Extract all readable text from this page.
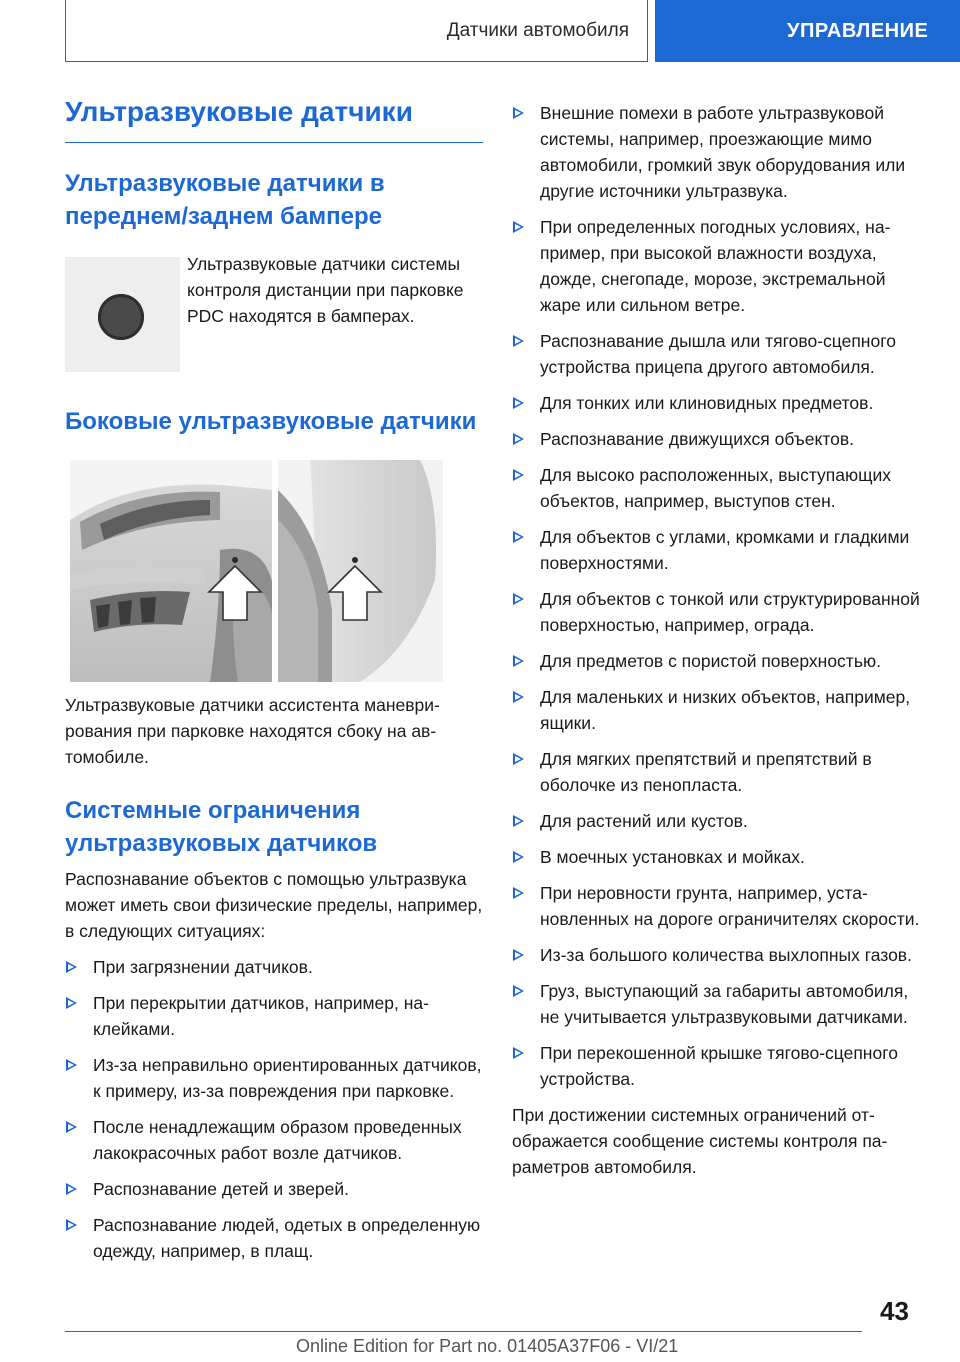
Датчики автомобиля	УПРАВЛЕНИЕ
Ультразвуковые датчики
Ультразвуковые датчики в переднем/заднем бампере

Ультразвуковые датчики системы контроля дистанции при парковке PDC находятся в бамперах.

Боковые ультразвуковые датчики

Ультразвуковые датчики ассистента маневрирования при парковке находятся сбоку на автомобиле.

Системные ограничения ультразвуковых датчиков

Распознавание объектов с помощью ультразвука может иметь свои физические пределы, например, в следующих ситуациях:

При загрязнении датчиков.
При перекрытии датчиков, например, наклейками.
Из-за неправильно ориентированных датчиков, к примеру, из-за повреждения при парковке.
После ненадлежащим образом проведенных лакокрасочных работ возле датчиков.
Распознавание детей и зверей.
Распознавание людей, одетых в определенную одежду, например, в плащ.
Внешние помехи в работе ультразвуковой системы, например, проезжающие мимо автомобили, громкий звук оборудования или другие источники ультразвука.
При определенных погодных условиях, например, при высокой влажности воздуха, дожде, снегопаде, морозе, экстремальной жаре или сильном ветре.
Распознавание дышла или тягово-сцепного устройства прицепа другого автомобиля.
Для тонких или клиновидных предметов.
Распознавание движущихся объектов.
Для высоко расположенных, выступающих объектов, например, выступов стен.
Для объектов с углами, кромками и гладкими поверхностями.
Для объектов с тонкой или структурированной поверхностью, например, ограда.
Для предметов с пористой поверхностью.
Для маленьких и низких объектов, например, ящики.
Для мягких препятствий и препятствий в оболочке из пенопласта.
Для растений или кустов.
В моечных установках и мойках.
При неровности грунта, например, установленных на дороге ограничителях скорости.
Из-за большого количества выхлопных газов.
Груз, выступающий за габариты автомобиля, не учитывается ультразвуковыми датчиками.
При перекошенной крышке тягово-сцепного устройства.

При достижении системных ограничений отображается сообщение системы контроля параметров автомобиля.

43
Online Edition for Part no. 01405A37F06 - VI/21
